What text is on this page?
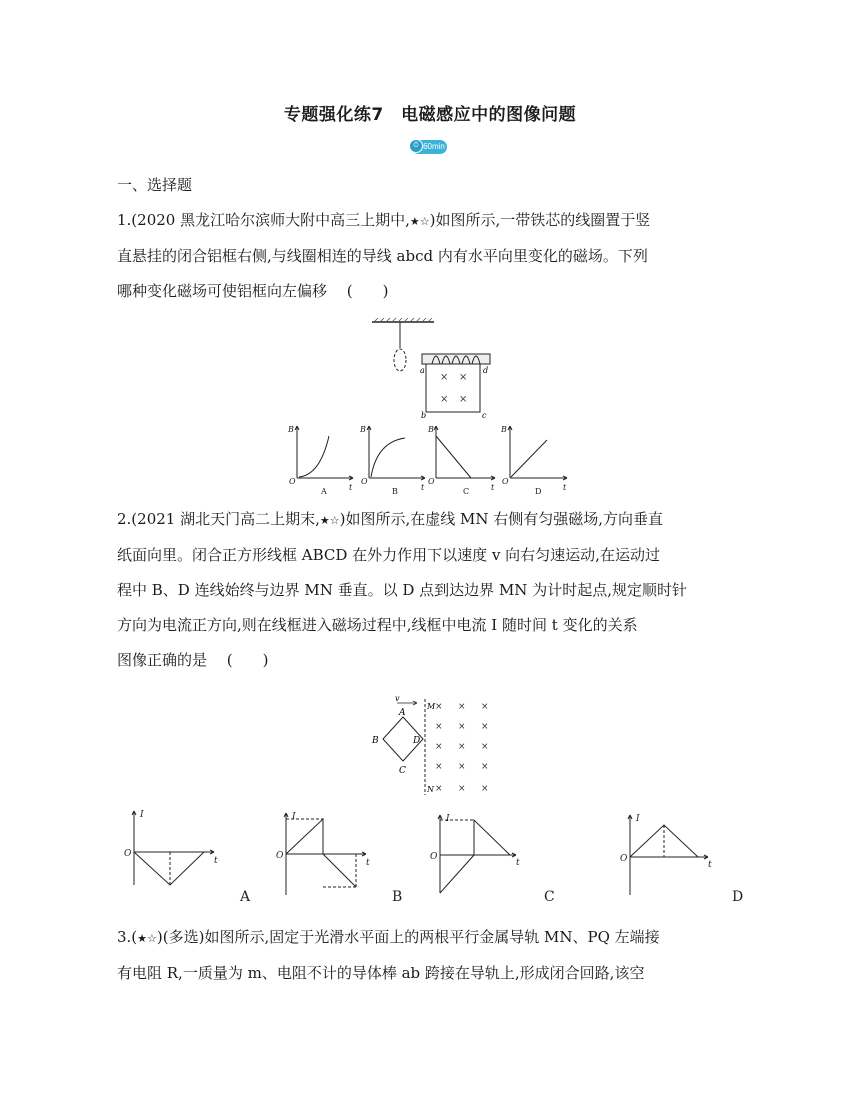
专题强化练7　电磁感应中的图像问题
⏱ 60min
一、选择题

1.(2020 黑龙江哈尔滨师大附中高三上期中,★☆)如图所示,一带铁芯的线圈置于竖

直悬挂的闭合铝框右侧,与线圈相连的导线 abcd 内有水平向里变化的磁场。下列

哪种变化磁场可使铝框向左偏移　 (　　)

a	d
b	c
× ×
× ×
B
O
t
B
O
t
B
O
t
B
O
t
A	B	C	D

2.(2021 湖北天门高二上期末,★☆)如图所示,在虚线 MN 右侧有匀强磁场,方向垂直

纸面向里。闭合正方形线框 ABCD 在外力作用下以速度 v 向右匀速运动,在运动过

程中 B、D 连线始终与边界 MN 垂直。以 D 点到达边界 MN 为计时起点,规定顺时针

方向为电流正方向,则在线框进入磁场过程中,线框中电流 I 随时间 t 变化的关系

图像正确的是　 (　　)

v
A
B
C
D
M
N
× × ×
× × ×
× × ×
× × ×
× × ×
I
O
t
I
O
t
I
O
t
I
O
t
A	B	C	D

3.(★☆)(多选)如图所示,固定于光滑水平面上的两根平行金属导轨 MN、PQ 左端接

有电阻 R,一质量为 m、电阻不计的导体棒 ab 跨接在导轨上,形成闭合回路,该空
